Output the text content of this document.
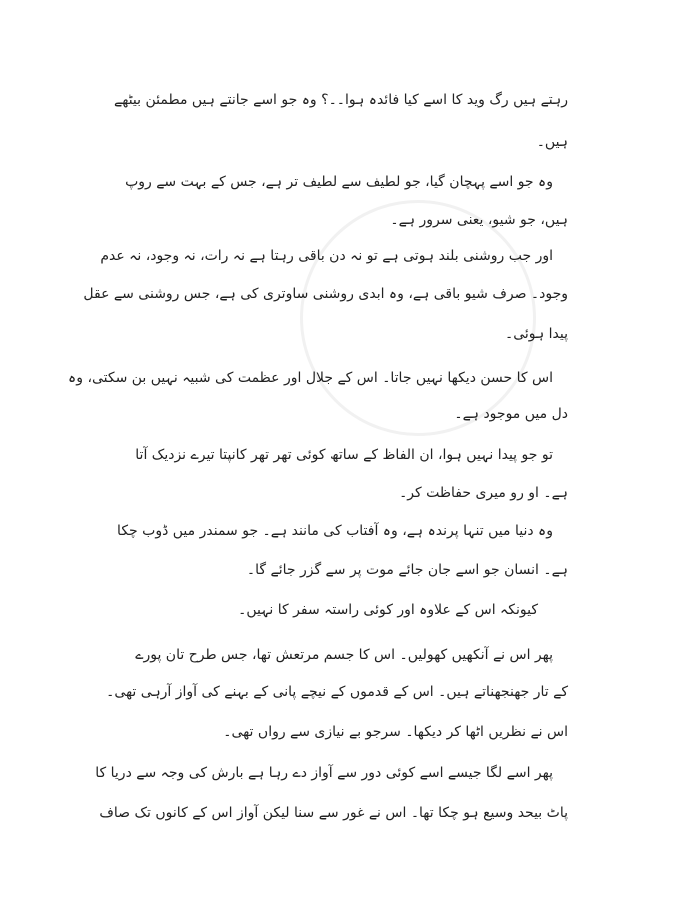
رہتے ہیں رگ وید کا اسے کیا فائدہ ہوا۔۔؟ وہ جو اسے جانتے ہیں مطمئن بیٹھے
ہیں۔
وہ جو اسے پہچان گیا، جو لطیف سے لطیف تر ہے، جس کے بہت سے روپ
ہیں، جو شیو، یعنی سرور ہے۔
اور جب روشنی بلند ہوتی ہے تو نہ دن باقی رہتا ہے نہ رات، نہ وجود، نہ عدم
وجود۔ صرف شیو باقی ہے، وہ ابدی روشنی ساوتری کی ہے، جس روشنی سے عقل
پیدا ہوئی۔
اس کا حسن دیکھا نہیں جاتا۔ اس کے جلال اور عظمت کی شبیہ نہیں بن سکتی، وہ
دل میں موجود ہے۔
تو جو پیدا نہیں ہوا، ان الفاظ کے ساتھ کوئی تھر تھر کانپتا تیرے نزدیک آتا
ہے۔ او رو میری حفاظت کر۔
وہ دنیا میں تنہا پرندہ ہے، وہ آفتاب کی مانند ہے۔ جو سمندر میں ڈوب چکا
ہے۔ انسان جو اسے جان جائے موت پر سے گزر جائے گا۔
کیونکہ اس کے علاوہ اور کوئی راستہ سفر کا نہیں۔
پھر اس نے آنکھیں کھولیں۔ اس کا جسم مرتعش تھا، جس طرح تان پورے
کے تار جھنجھناتے ہیں۔ اس کے قدموں کے نیچے پانی کے بہنے کی آواز آرہی تھی۔
اس نے نظریں اٹھا کر دیکھا۔ سرجو بے نیازی سے رواں تھی۔
پھر اسے لگا جیسے اسے کوئی دور سے آواز دے رہا ہے بارش کی وجہ سے دریا کا
پاٹ بیحد وسیع ہو چکا تھا۔ اس نے غور سے سنا لیکن آواز اس کے کانوں تک صاف
